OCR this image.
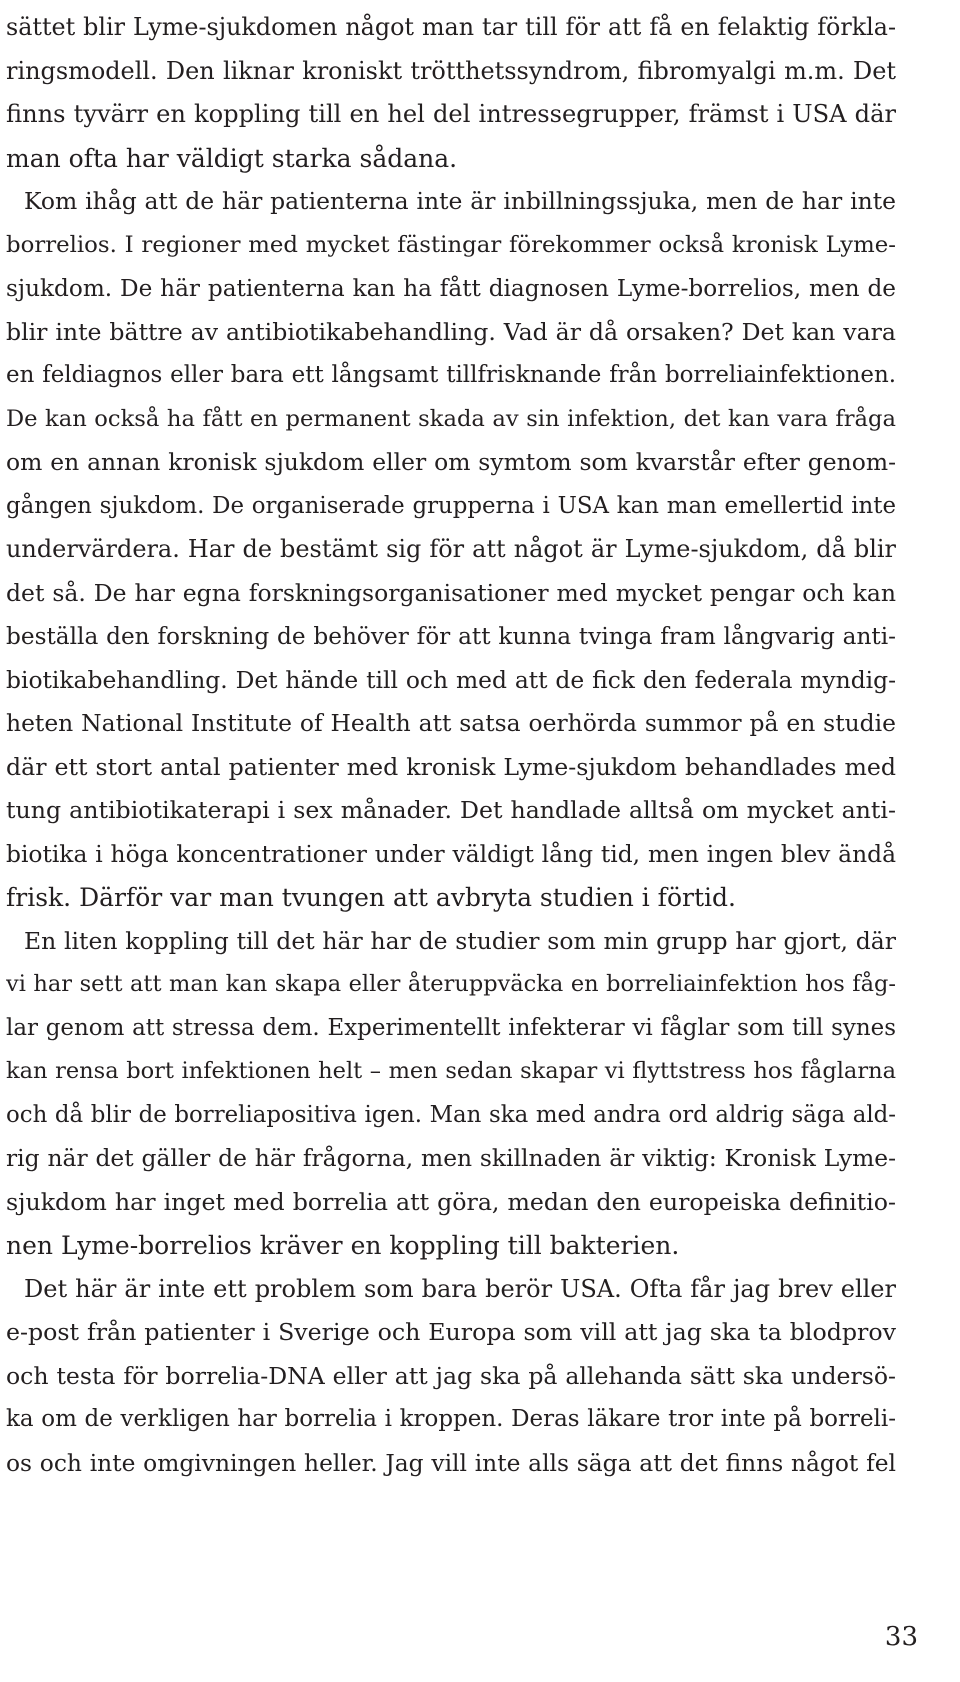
sättet blir Lyme-sjukdomen något man tar till för att få en felaktig förkla-
ringsmodell. Den liknar kroniskt trötthetssyndrom, fibromyalgi m.m. Det
finns tyvärr en koppling till en hel del intressegrupper, främst i USA där
man ofta har väldigt starka sådana.
Kom ihåg att de här patienterna inte är inbillningssjuka, men de har inte
borrelios. I regioner med mycket fästingar förekommer också kronisk Lyme-
sjukdom. De här patienterna kan ha fått diagnosen Lyme-borrelios, men de
blir inte bättre av antibiotikabehandling. Vad är då orsaken? Det kan vara
en feldiagnos eller bara ett långsamt tillfrisknande från borreliainfektionen.
De kan också ha fått en permanent skada av sin infektion, det kan vara fråga
om en annan kronisk sjukdom eller om symtom som kvarstår efter genom-
gången sjukdom. De organiserade grupperna i USA kan man emellertid inte
undervärdera. Har de bestämt sig för att något är Lyme-sjukdom, då blir
det så. De har egna forskningsorganisationer med mycket pengar och kan
beställa den forskning de behöver för att kunna tvinga fram långvarig anti-
biotikabehandling. Det hände till och med att de fick den federala myndig-
heten National Institute of Health att satsa oerhörda summor på en studie
där ett stort antal patienter med kronisk Lyme-sjukdom behandlades med
tung antibiotikaterapi i sex månader. Det handlade alltså om mycket anti-
biotika i höga koncentrationer under väldigt lång tid, men ingen blev ändå
frisk. Därför var man tvungen att avbryta studien i förtid.
En liten koppling till det här har de studier som min grupp har gjort, där
vi har sett att man kan skapa eller återuppväcka en borreliainfektion hos fåg-
lar genom att stressa dem. Experimentellt infekterar vi fåglar som till synes
kan rensa bort infektionen helt – men sedan skapar vi flyttstress hos fåglarna
och då blir de borreliapositiva igen. Man ska med andra ord aldrig säga ald-
rig när det gäller de här frågorna, men skillnaden är viktig: Kronisk Lyme-
sjukdom har inget med borrelia att göra, medan den europeiska definitio-
nen Lyme-borrelios kräver en koppling till bakterien.
Det här är inte ett problem som bara berör USA. Ofta får jag brev eller
e-post från patienter i Sverige och Europa som vill att jag ska ta blodprov
och testa för borrelia-DNA eller att jag ska på allehanda sätt ska undersö-
ka om de verkligen har borrelia i kroppen. Deras läkare tror inte på borreli-
os och inte omgivningen heller. Jag vill inte alls säga att det finns något fel
33
